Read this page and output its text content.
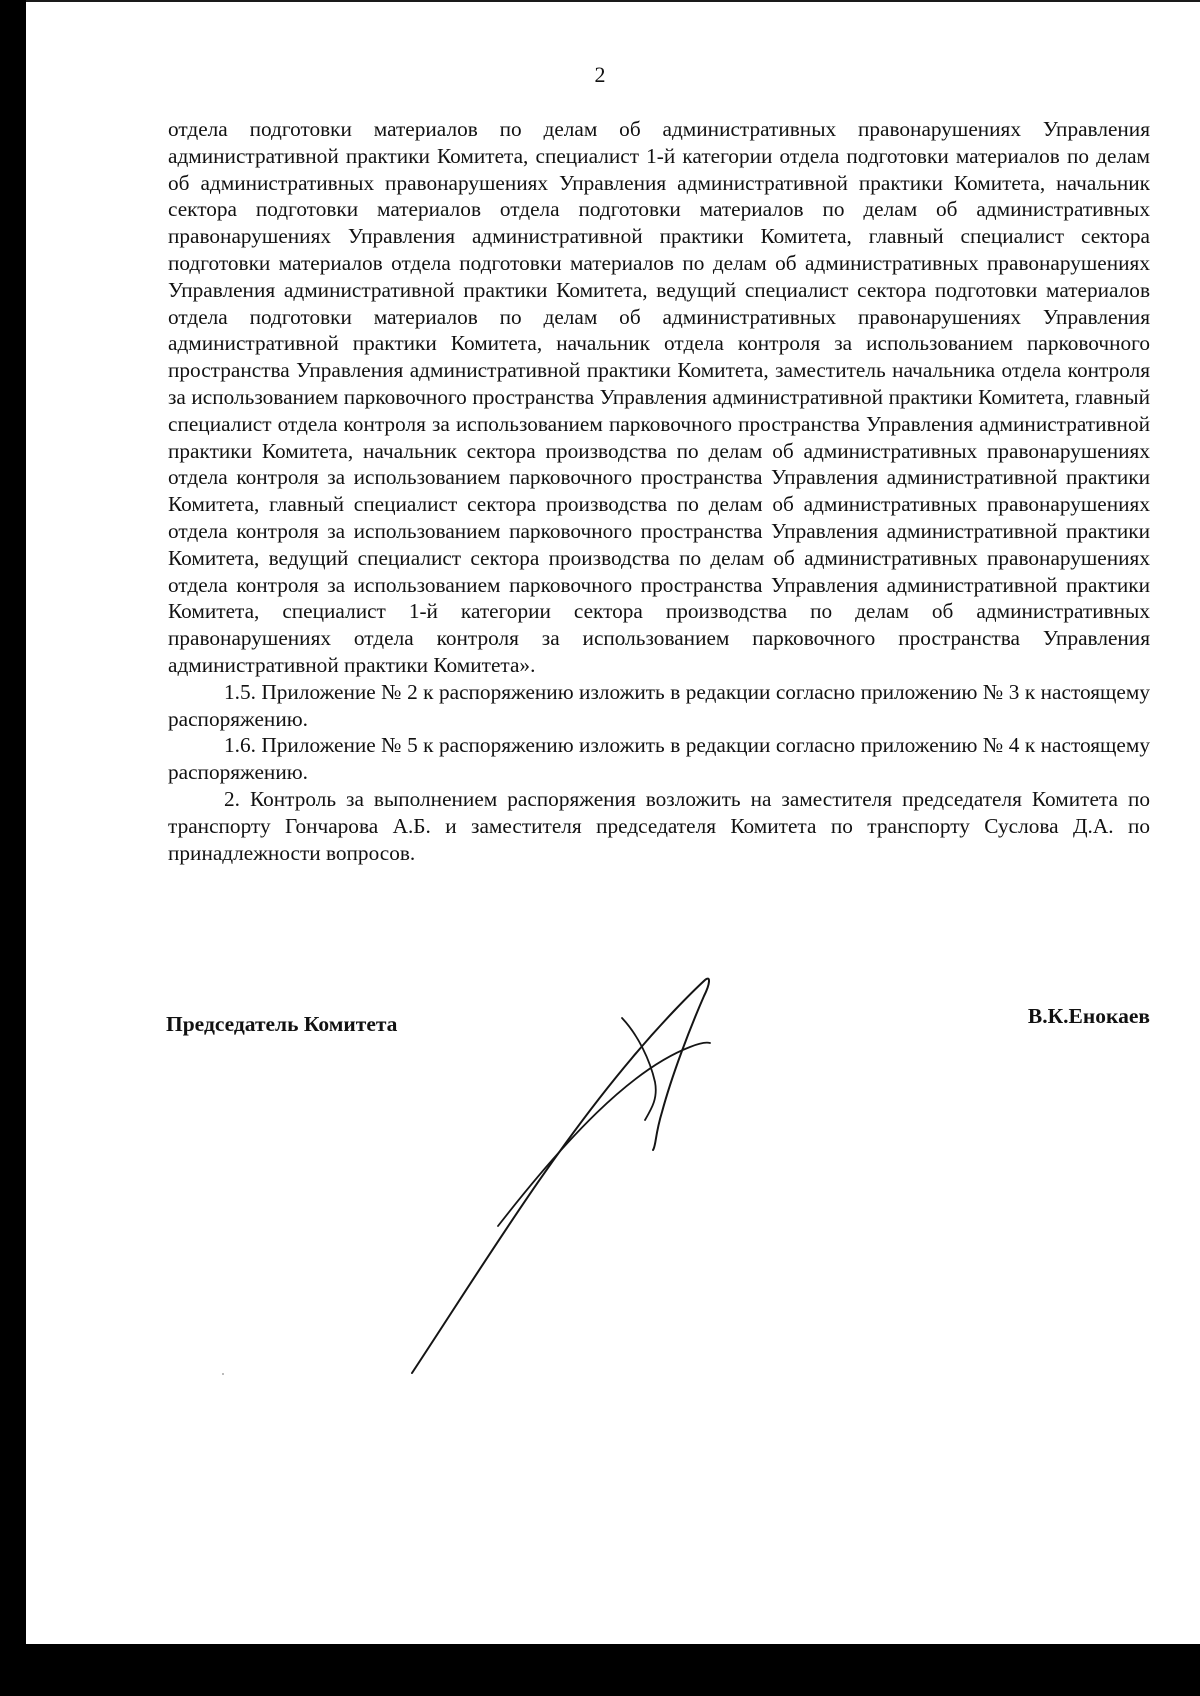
2

отдела подготовки материалов по делам об административных правонарушениях Управления административной практики Комитета, специалист 1-й категории отдела подготовки материалов по делам об административных правонарушениях Управления административной практики Комитета, начальник сектора подготовки материалов отдела подготовки материалов по делам об административных правонарушениях Управления административной практики Комитета, главный специалист сектора подготовки материалов отдела подготовки материалов по делам об административных правонарушениях Управления административной практики Комитета, ведущий специалист сектора подготовки материалов отдела подготовки материалов по делам об административных правонарушениях Управления административной практики Комитета, начальник отдела контроля за использованием парковочного пространства Управления административной практики Комитета, заместитель начальника отдела контроля за использованием парковочного пространства Управления административной практики Комитета, главный специалист отдела контроля за использованием парковочного пространства Управления административной практики Комитета, начальник сектора производства по делам об административных правонарушениях отдела контроля за использованием парковочного пространства Управления административной практики Комитета, главный специалист сектора производства по делам об административных правонарушениях отдела контроля за использованием парковочного пространства Управления административной практики Комитета, ведущий специалист сектора производства по делам об административных правонарушениях отдела контроля за использованием парковочного пространства Управления административной практики Комитета, специалист 1-й категории сектора производства по делам об административных правонарушениях отдела контроля за использованием парковочного пространства Управления административной практики Комитета».

1.5. Приложение № 2 к распоряжению изложить в редакции согласно приложению № 3 к настоящему распоряжению.

1.6. Приложение № 5 к распоряжению изложить в редакции согласно приложению № 4 к настоящему распоряжению.

2. Контроль за выполнением распоряжения возложить на заместителя председателя Комитета по транспорту Гончарова А.Б. и заместителя председателя Комитета по транспорту Суслова Д.А. по принадлежности вопросов.

Председатель Комитета	В.К.Енокаев
